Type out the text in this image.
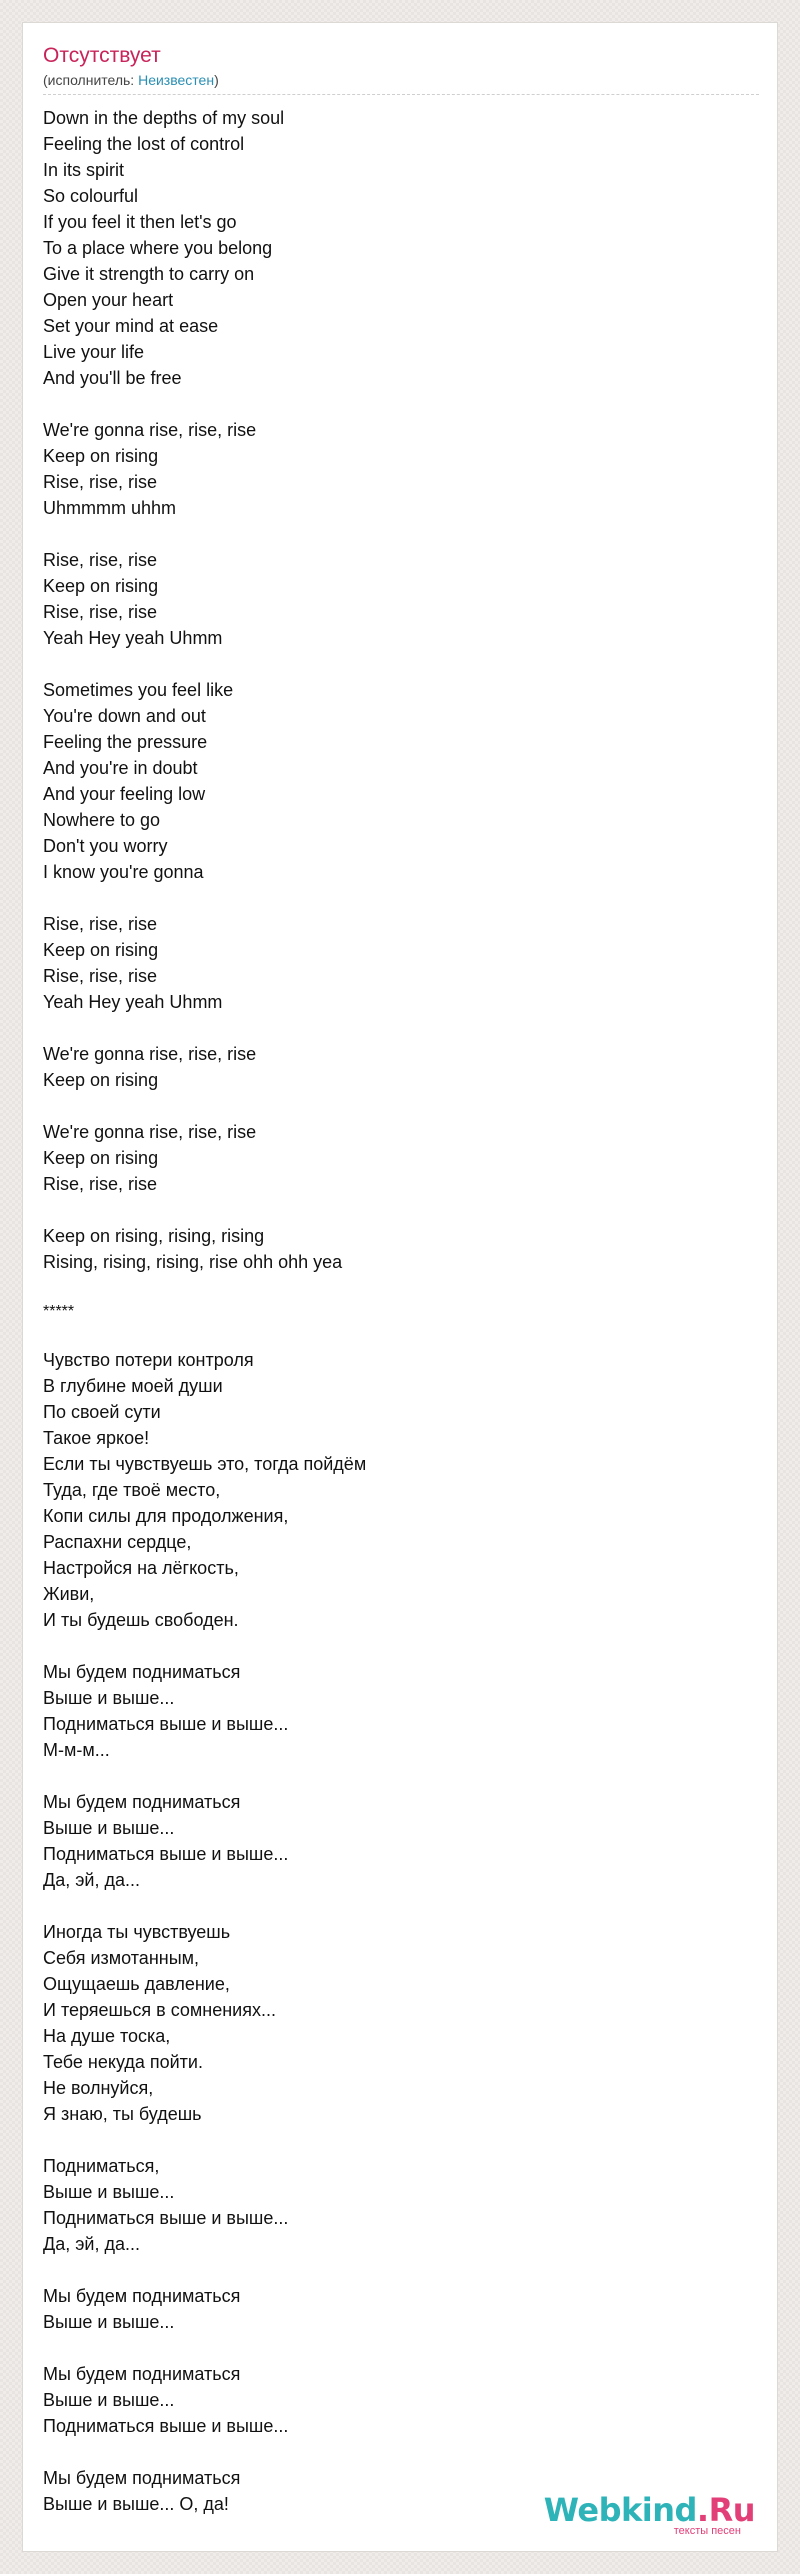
Отсутствует
(исполнитель: Неизвестен)
Down in the depths of my soul
Feeling the lost of control
In its spirit
So colourful
If you feel it then let's go
To a place where you belong
Give it strength to carry on
Open your heart
Set your mind at ease
Live your life
And you'll be free
We're gonna rise, rise, rise
Keep on rising
Rise, rise, rise
Uhmmmm uhhm
Rise, rise, rise
Keep on rising
Rise, rise, rise
Yeah Hey yeah Uhmm
Sometimes you feel like
You're down and out
Feeling the pressure
And you're in doubt
And your feeling low
Nowhere to go
Don't you worry
I know you're gonna
Rise, rise, rise
Keep on rising
Rise, rise, rise
Yeah Hey yeah Uhmm
We're gonna rise, rise, rise
Keep on rising
We're gonna rise, rise, rise
Keep on rising
Rise, rise, rise
Keep on rising, rising, rising
Rising, rising, rising, rise ohh ohh yea
*****
Чувство потери контроля
В глубине моей души
По своей сути
Такое яркое!
Если ты чувствуешь это, тогда пойдём
Туда, где твоё место,
Копи силы для продолжения,
Распахни сердце,
Настройся на лёгкость,
Живи,
И ты будешь свободен.
Мы будем подниматься
Выше и выше...
Подниматься выше и выше...
М-м-м...
Мы будем подниматься
Выше и выше...
Подниматься выше и выше...
Да, эй, да...
Иногда ты чувствуешь
Себя измотанным,
Ощущаешь давление,
И теряешься в сомнениях...
На душе тоска,
Тебе некуда пойти.
Не волнуйся,
Я знаю, ты будешь
Подниматься,
Выше и выше...
Подниматься выше и выше...
Да, эй, да...
Мы будем подниматься
Выше и выше...
Мы будем подниматься
Выше и выше...
Подниматься выше и выше...
Мы будем подниматься
Выше и выше... О, да!	Webkind.Ru
тексты песен
